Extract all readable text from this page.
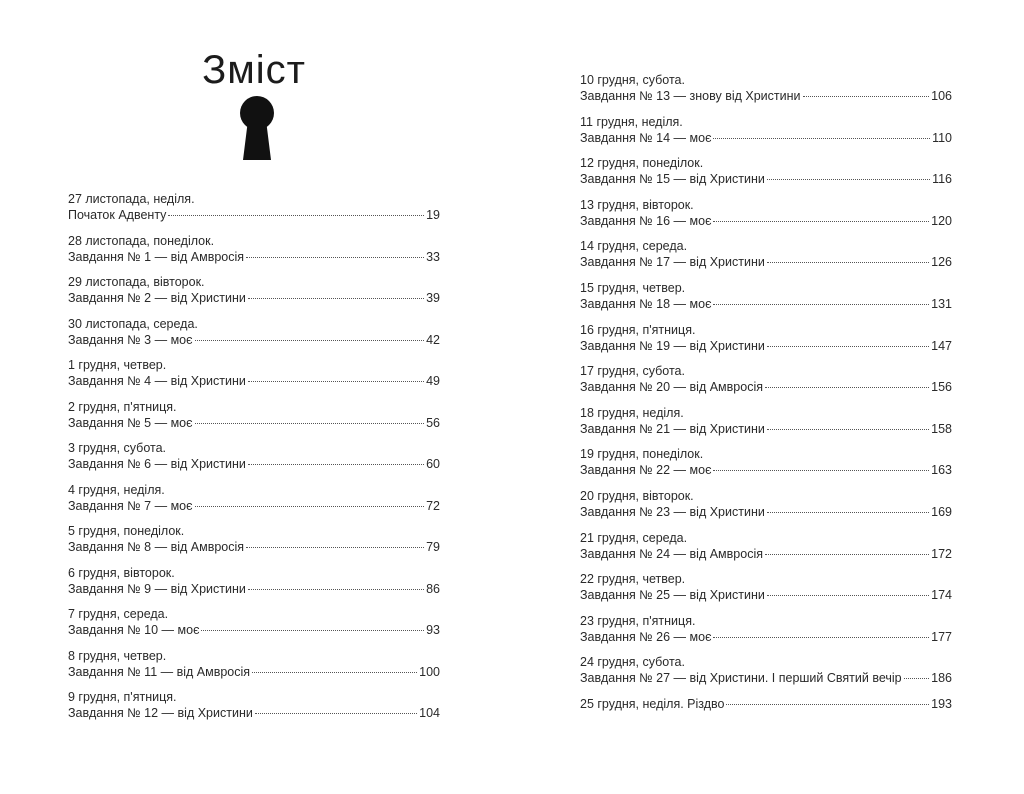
Зміст
27 листопада, неділя.
Початок Адвенту	19
28 листопада, понеділок.
Завдання № 1 — від Амвросія	33
29 листопада, вівторок.
Завдання № 2 — від Христини	39
30 листопада, середа.
Завдання № 3 — моє	42
1 грудня, четвер.
Завдання № 4 — від Христини	49
2 грудня, п'ятниця.
Завдання № 5 — моє	56
3 грудня, субота.
Завдання № 6 — від Христини	60
4 грудня, неділя.
Завдання № 7 — моє	72
5 грудня, понеділок.
Завдання № 8 — від Амвросія	79
6 грудня, вівторок.
Завдання № 9 — від Христини	86
7 грудня, середа.
Завдання № 10 — моє	93
8 грудня, четвер.
Завдання № 11 — від Амвросія	100
9 грудня, п'ятниця.
Завдання № 12 — від Христини	104
10 грудня, субота.
Завдання № 13 — знову від Христини	106
11 грудня, неділя.
Завдання № 14 — моє	110
12 грудня, понеділок.
Завдання № 15 — від Христини	116
13 грудня, вівторок.
Завдання № 16 — моє	120
14 грудня, середа.
Завдання № 17 — від Христини	126
15 грудня, четвер.
Завдання № 18 — моє	131
16 грудня, п'ятниця.
Завдання № 19 — від Христини	147
17 грудня, субота.
Завдання № 20 — від Амвросія	156
18 грудня, неділя.
Завдання № 21 — від Христини	158
19 грудня, понеділок.
Завдання № 22 — моє	163
20 грудня, вівторок.
Завдання № 23 — від Христини	169
21 грудня, середа.
Завдання № 24 — від Амвросія	172
22 грудня, четвер.
Завдання № 25 — від Христини	174
23 грудня, п'ятниця.
Завдання № 26 — моє	177
24 грудня, субота.
Завдання № 27 — від Христини. І перший Святий вечір 186
25 грудня, неділя. Різдво	193
